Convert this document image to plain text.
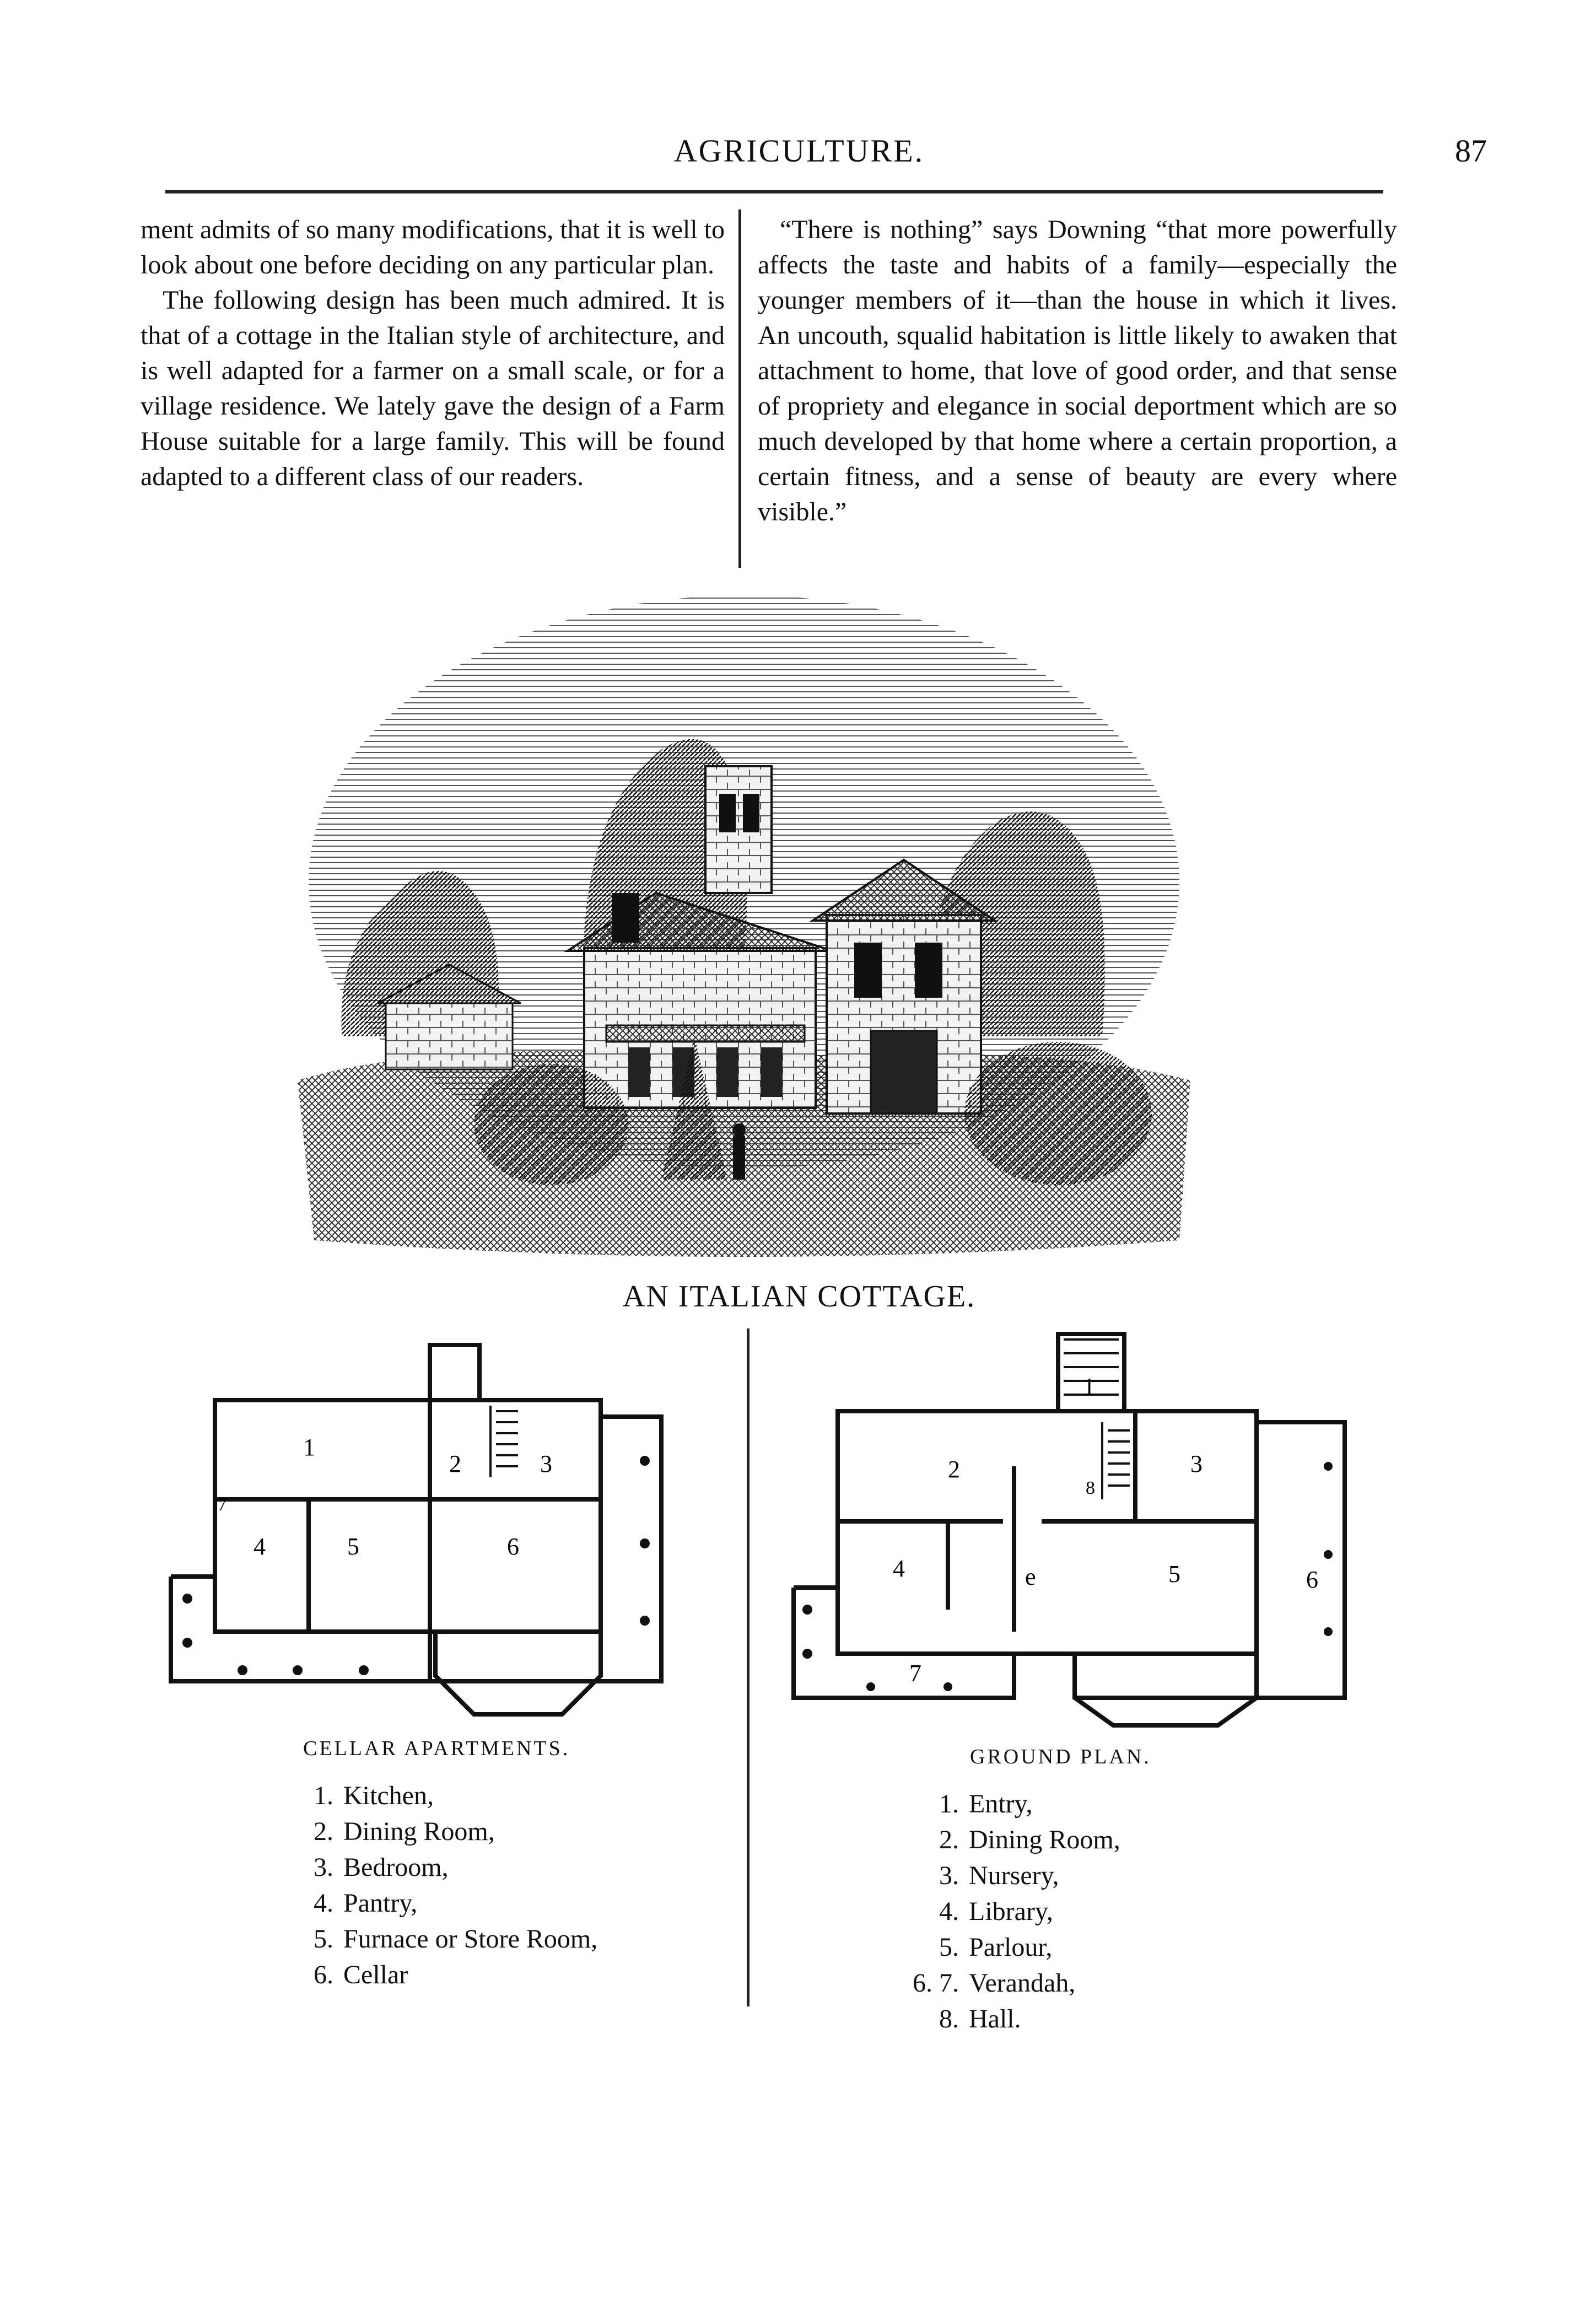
AGRICULTURE.	87

ment admits of so many modifications, that it is well to look about one before deciding on any particular plan.

The following design has been much admired. It is that of a cottage in the Italian style of architecture, and is well adapted for a farmer on a small scale, or for a village residence. We lately gave the design of a Farm House suitable for a large family. This will be found adapted to a different class of our readers.

“There is nothing” says Downing “that more powerfully affects the taste and habits of a family—especially the younger members of it—than the house in which it lives. An uncouth, squalid habitation is little likely to awaken that attachment to home, that love of good order, and that sense of propriety and elegance in social deportment which are so much developed by that home where a certain proportion, a certain fitness, and a sense of beauty are every where visible.”

AN ITALIAN COTTAGE.
1
2	3
4	5	6
7
1
2	3
4	5	6
7
8
e
CELLAR APARTMENTS.
1. Kitchen,
2. Dining Room,
3. Bedroom,
4. Pantry,
5. Furnace or Store Room,
6. Cellar
GROUND PLAN.
1. Entry,
2. Dining Room,
3. Nursery,
4. Library,
5. Parlour,
6. 7. Verandah,
8. Hall.
